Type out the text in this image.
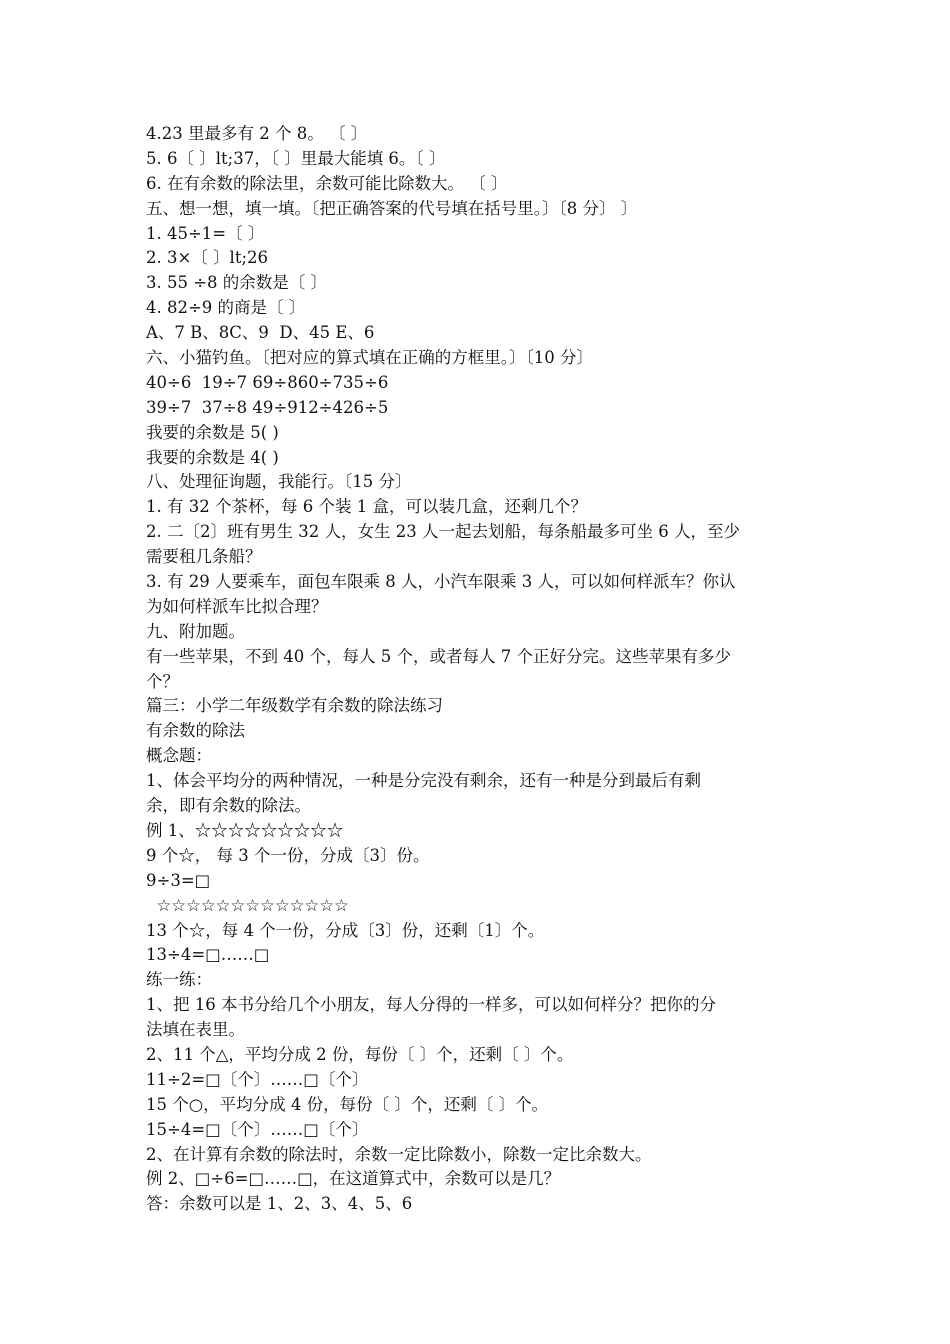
4.23 里最多有 2 个 8。 〔 〕
5. 6〔 〕lt;37，〔 〕里最大能填 6。〔 〕
6. 在有余数的除法里，余数可能比除数大。 〔 〕
五、想一想，填一填。〔把正确答案的代号填在括号里。〕〔8 分〕 〕
1. 45÷1=〔 〕
2. 3×〔 〕lt;26
3. 55 ÷8 的余数是〔 〕
4. 82÷9 的商是〔 〕
A、7 B、8C、9  D、45 E、6
六、小猫钓鱼。〔把对应的算式填在正确的方框里。〕〔10 分〕
40÷6  19÷7 69÷860÷735÷6
39÷7  37÷8 49÷912÷426÷5
我要的余数是 5( )
我要的余数是 4( )
八、处理征询题，我能行。〔15 分〕
1. 有 32 个茶杯，每 6 个装 1 盒，可以装几盒，还剩几个？
2. 二〔2〕班有男生 32 人，女生 23 人一起去划船，每条船最多可坐 6 人，至少
需要租几条船？
3. 有 29 人要乘车，面包车限乘 8 人，小汽车限乘 3 人，可以如何样派车？你认
为如何样派车比拟合理？
九、附加题。
有一些苹果，不到 40 个，每人 5 个，或者每人 7 个正好分完。这些苹果有多少
个？
篇三：小学二年级数学有余数的除法练习
有余数的除法
概念题：
1、体会平均分的两种情况，一种是分完没有剩余，还有一种是分到最后有剩
余，即有余数的除法。
例 1、☆☆☆☆☆☆☆☆☆
9 个☆， 每 3 个一份，分成〔3〕份。
9÷3=□
☆☆☆☆☆☆☆☆☆☆☆☆☆
13 个☆，每 4 个一份，分成〔3〕份，还剩〔1〕个。
13÷4=□……□
练一练：
1、把 16 本书分给几个小朋友，每人分得的一样多，可以如何样分？把你的分
法填在表里。
2、11 个△，平均分成 2 份，每份〔 〕个，还剩〔 〕个。
11÷2=□〔个〕……□〔个〕
15 个○，平均分成 4 份，每份〔 〕个，还剩〔 〕个。
15÷4=□〔个〕……□〔个〕
2、在计算有余数的除法时，余数一定比除数小，除数一定比余数大。
例 2、□÷6=□……□，在这道算式中，余数可以是几？
答：余数可以是 1、2、3、4、5、6
